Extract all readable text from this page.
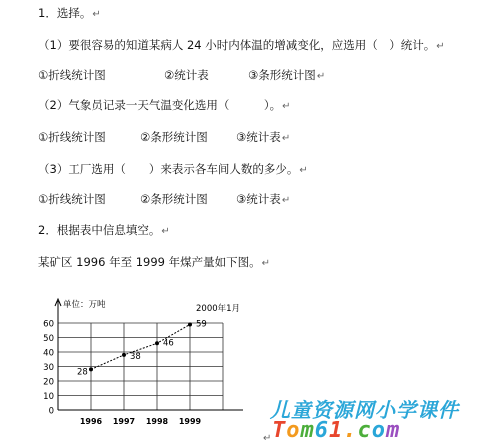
1．选择。↵
（1）要很容易的知道某病人 24 小时内体温的增减变化，应选用（　）统计。↵
①折线统计图	②统计表	③条形统计图↵
（2）气象员记录一天气温变化选用（　　　）。↵
①折线统计图	②条形统计图 ③统计表↵
（3）工厂选用（　　）来表示各车间人数的多少。↵
①折线统计图	②条形统计图 ③统计表↵
2．根据表中信息填空。↵
某矿区 1996 年至 1999 年煤产量如下图。↵
0
10
20
30
40
50
60
1996 1997 1998 1999
单位：万吨	2000年1月
28
38
46
59
↵
儿童资源网小学课件
Tom61.com
